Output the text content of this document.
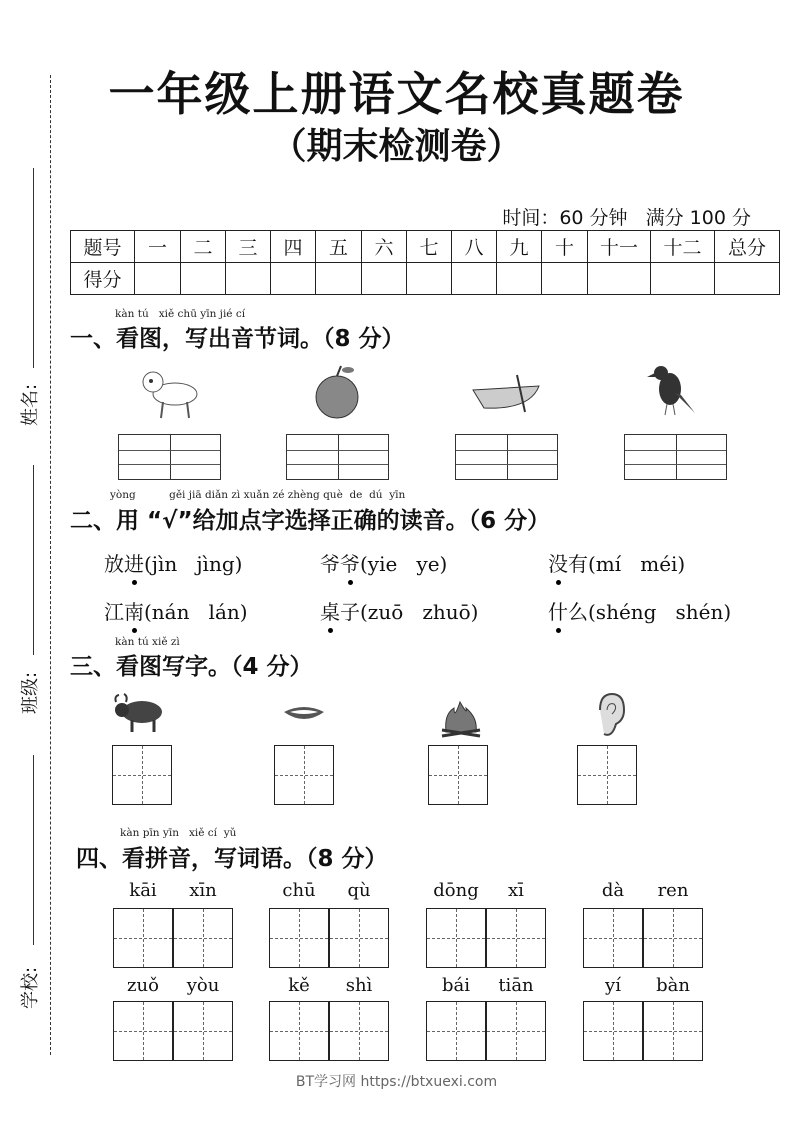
姓名:
班级:
学校:
一年级上册语文名校真题卷
（期末检测卷）
时间：60 分钟   满分 100 分
题号	一	二	三	四	五	六	七	八	九	十	十一	十二	总分
得分													
kàn tú   xiě chū yīn jié cí
一、看图，写出音节词。（8 分）
yòng          gěi jiā diǎn zì xuǎn zé zhèng què  de  dú  yīn
二、用 “√”给加点字选择正确的读音。（6 分）
kàn tú xiě zì
三、看图写字。（4 分）
kàn pīn yīn   xiě cí  yǔ
四、看拼音，写词语。（8 分）
BT学习网 https://btxuexi.com
放进(jìn   jìng)	爷爷(yie   ye)	没有(mí   méi)
江南(nán   lán)	桌子(zuō   zhuō)	什么(shéng   shén)
kāi	xīn	chū	qù	dōng	xī	dà	ren
zuǒ	yòu	kě	shì	bái	tiān	yí	bàn
